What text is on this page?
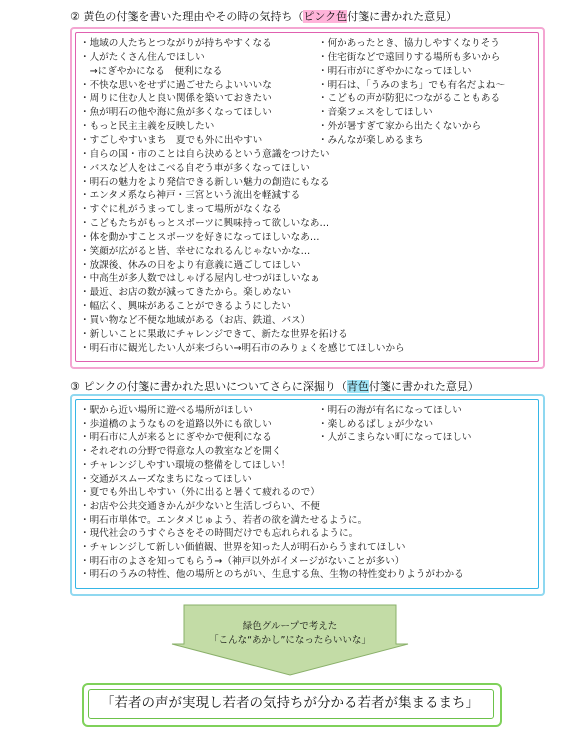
② 黄色の付箋を書いた理由やその時の気持ち（ピンク色付箋に書かれた意見）
・地域の人たちとつながりが持ちやすくなる
・人がたくさん住んでほしい
　→にぎやかになる　便利になる
・不快な思いをせずに過ごせたらよいいいな
・周りに住む人と良い関係を築いておきたい
・魚が明石の他や海に魚が多くなってほしい
・もっと民主主義を反映したい
・すごしやすいまち　夏でも外に出やすい
・自らの国・市のことは自ら決めるという意識をつけたい
・バスなど人をはこべる自ぞう車が多くなってほしい
・明石の魅力をより発信できる新しい魅力の創造にもなる
・エンタメ系なら神戸・三宮という流出を軽減する
・すぐに札がうまってしまって場所がなくなる
・こどもたちがもっとスポーツに興味持って欲しいなあ…
・体を動かすことスポーツを好きになってほしいなあ…
・笑顔が広がると皆、幸せになれるんじゃないかな…
・放課後、休みの日をより有意義に過ごしてほしい
・中高生が多人数ではしゃげる屋内しせつがほしいなぁ
・最近、お店の数が減ってきたから。楽しめない
・幅広く、興味があることができるようにしたい
・買い物など不便な地域がある（お店、鉄道、バス）
・新しいことに果敢にチャレンジできて、新たな世界を拓ける
・明石市に観光したい人が来づらい→明石市のみりょくを感じてほしいから
・何かあったとき、協力しやすくなりそう
・住宅街などで遠回りする場所も多いから
・明石市がにぎやかになってほしい
・明石は、「うみのまち」でも有名だよね～
・こどもの声が防犯につながることもある
・音楽フェスをしてほしい
・外が暑すぎて家から出たくないから
・みんなが楽しめるまち
③ ピンクの付箋に書かれた思いについてさらに深掘り（青色付箋に書かれた意見）
・駅から近い場所に遊べる場所がほしい
・歩道橋のようなものを道路以外にも欲しい
・明石市に人が来るとにぎやかで便利になる
・それぞれの分野で得意な人の教室などを開く
・チャレンジしやすい環境の整備をしてほしい！
・交通がスムーズなまちになってほしい
・夏でも外出しやすい（外に出ると暑くて疲れるので）
・お店や公共交通きかんが少ないと生活しづらい、不便
・明石市単体で。エンタメじゅよう、若者の欲を満たせるように。
・現代社会のうすぐらさをその時間だけでも忘れられるように。
・チャレンジして新しい価値観、世界を知った人が明石からうまれてほしい
・明石市のよさを知ってもらう→（神戸以外がイメージがないことが多い）
・明石のうみの特性、他の場所とのちがい、生息する魚、生物の特性変わりようがわかる
・明石の海が有名になってほしい
・楽しめるばしょが少ない
・人がこまらない町になってほしい
緑色グループで考えた
「こんな“あかし”になったらいいな」
「若者の声が実現し若者の気持ちが分かる若者が集まるまち」
